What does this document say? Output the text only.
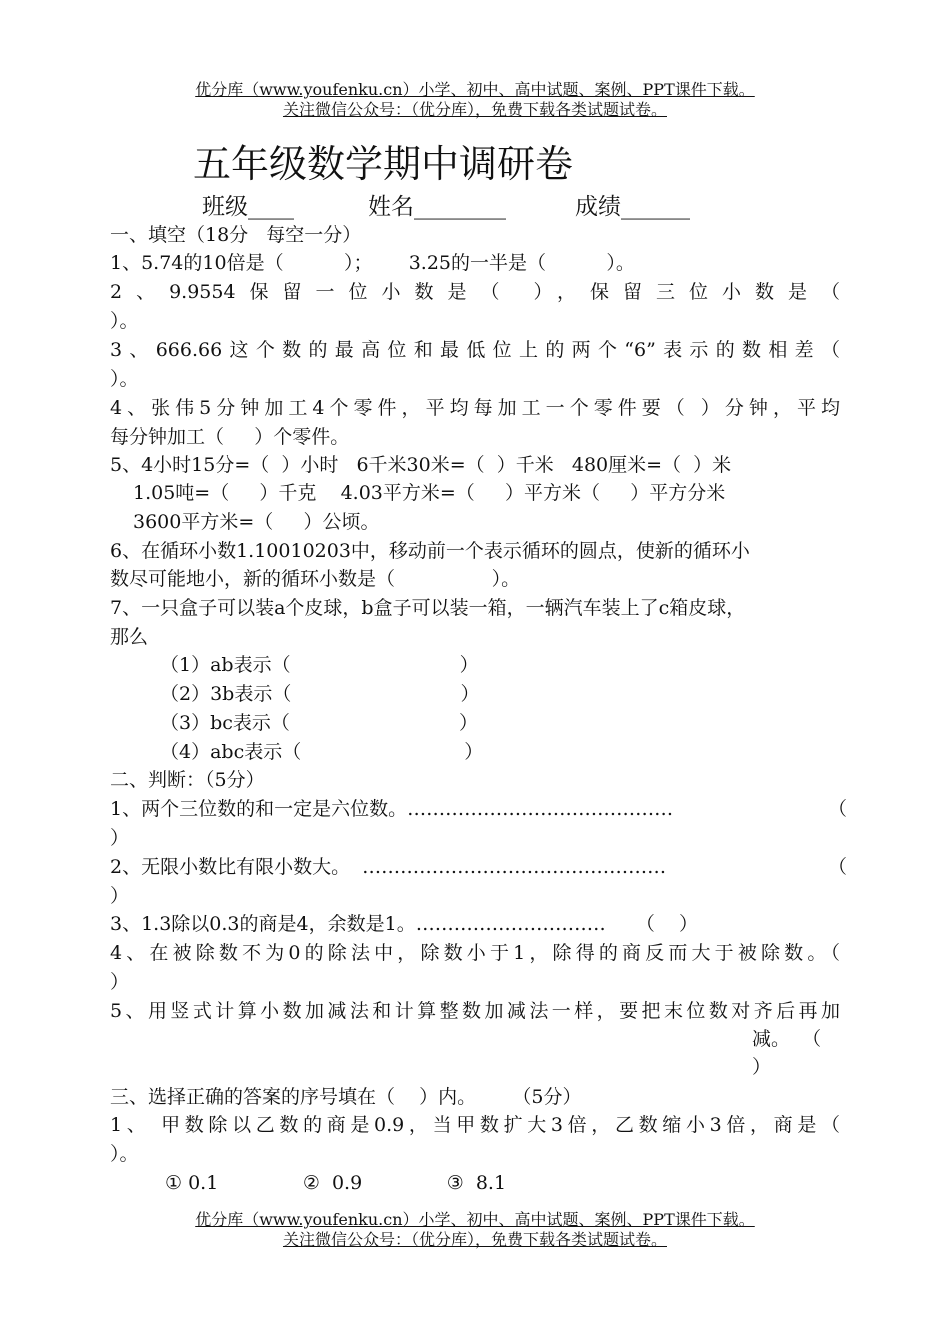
优分库（www.youfenku.cn）小学、初中、高中试题、案例、PPT课件下载。
关注微信公众号：（优分库），免费下载各类试题试卷。
五年级数学期中调研卷
班级____	姓名________	成绩______
一、填空（18分   每空一分）
1、5.74的10倍是（          ）；      3.25的一半是（          ）。
2、9.9554保留一位小数是（ ），保留三位小数是（
）。
3、666.66这个数的最高位和最低位上的两个“6”表示的数相差（
）。
4、张伟5分钟加工4个零件，平均每加工一个零件要（ ）分钟，平均
每分钟加工（     ）个零件。
5、4小时15分=（  ）小时   6千米30米=（  ）千米   480厘米=（  ）米
1.05吨=（     ）千克    4.03平方米=（     ）平方米（     ）平方分米
3600平方米=（     ）公顷。
6、在循环小数1.10010203中，移动前一个表示循环的圆点，使新的循环小
数尽可能地小，新的循环小数是（                ）。
7、一只盒子可以装a个皮球，b盒子可以装一箱，一辆汽车装上了c箱皮球，
那么
（1）ab表示（                            ）
（2）3b表示（                            ）
（3）bc表示（                            ）
（4）abc表示（                           ）
二、判断：（5分）
1、两个三位数的和一定是六位数。……………………………………	（
）
2、无限小数比有限小数大。  …………………………………………	（
）
3、1.3除以0.3的商是4，余数是1。…………………………     （    ）
4、在被除数不为0的除法中，除数小于1，除得的商反而大于被除数。（
）
5、用竖式计算小数加减法和计算整数加减法一样，要把末位数对齐后再加
减。  （
）
三、选择正确的答案的序号填在（    ）内。      （5分）
1、 甲数除以乙数的商是0.9，当甲数扩大3倍，乙数缩小3倍，商是（
）。
① 0.1              ②  0.9              ③  8.1
优分库（www.youfenku.cn）小学、初中、高中试题、案例、PPT课件下载。
关注微信公众号：（优分库），免费下载各类试题试卷。
